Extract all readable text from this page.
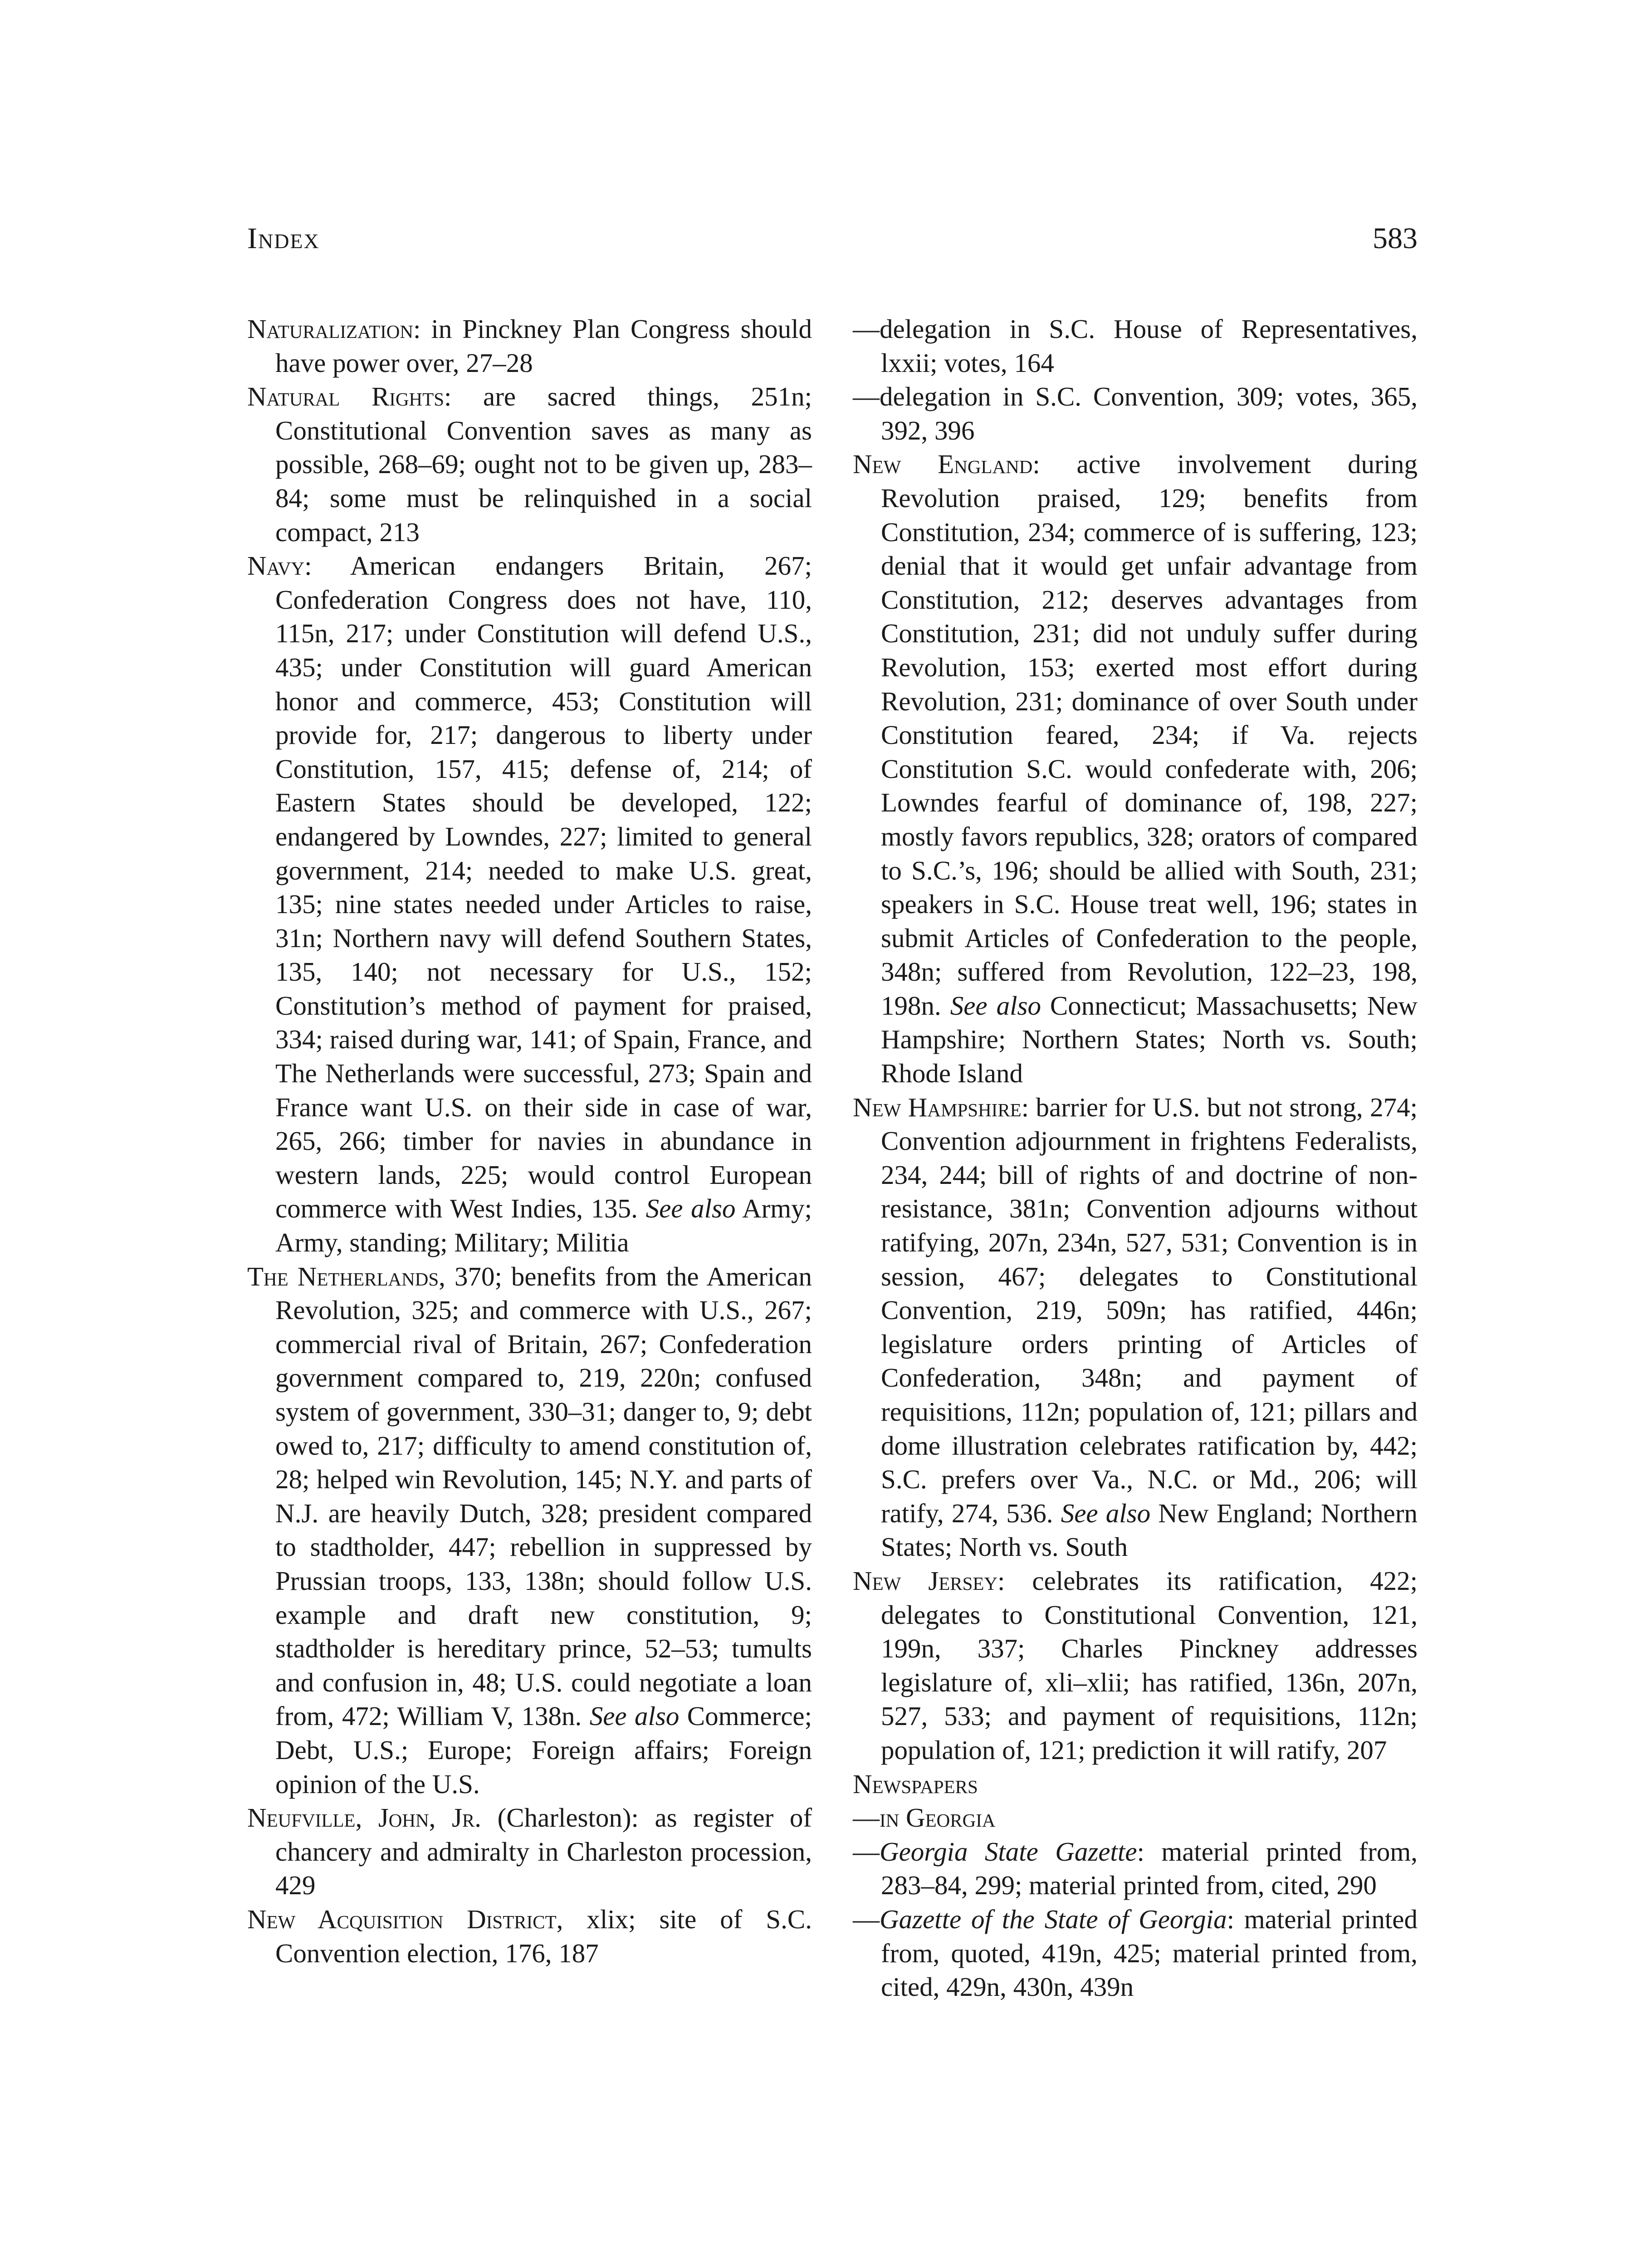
Index	583

Naturalization: in Pinckney Plan Congress should have power over, 27–28

Natural Rights: are sacred things, 251n; Constitutional Convention saves as many as possible, 268–69; ought not to be given up, 283–84; some must be relinquished in a social compact, 213

Navy: American endangers Britain, 267; Confederation Congress does not have, 110, 115n, 217; under Constitution will defend U.S., 435; under Constitution will guard American honor and commerce, 453; Constitution will provide for, 217; dangerous to liberty under Constitution, 157, 415; defense of, 214; of Eastern States should be developed, 122; endangered by Lowndes, 227; limited to general government, 214; needed to make U.S. great, 135; nine states needed under Articles to raise, 31n; Northern navy will defend Southern States, 135, 140; not necessary for U.S., 152; Constitution’s method of payment for praised, 334; raised during war, 141; of Spain, France, and The Netherlands were successful, 273; Spain and France want U.S. on their side in case of war, 265, 266; timber for navies in abundance in western lands, 225; would control European commerce with West Indies, 135. See also Army; Army, standing; Military; Militia

The Netherlands, 370; benefits from the American Revolution, 325; and commerce with U.S., 267; commercial rival of Britain, 267; Confederation government compared to, 219, 220n; confused system of government, 330–31; danger to, 9; debt owed to, 217; difficulty to amend constitution of, 28; helped win Revolution, 145; N.Y. and parts of N.J. are heavily Dutch, 328; president compared to stadtholder, 447; rebellion in suppressed by Prussian troops, 133, 138n; should follow U.S. example and draft new constitution, 9; stadtholder is hereditary prince, 52–53; tumults and confusion in, 48; U.S. could negotiate a loan from, 472; William V, 138n. See also Commerce; Debt, U.S.; Europe; Foreign affairs; Foreign opinion of the U.S.

Neufville, John, Jr. (Charleston): as register of chancery and admiralty in Charleston procession, 429

New Acquisition District, xlix; site of S.C. Convention election, 176, 187

—delegation in S.C. House of Representatives, lxxii; votes, 164

—delegation in S.C. Convention, 309; votes, 365, 392, 396

New England: active involvement during Revolution praised, 129; benefits from Constitution, 234; commerce of is suffering, 123; denial that it would get unfair advantage from Constitution, 212; deserves advantages from Constitution, 231; did not unduly suffer during Revolution, 153; exerted most effort during Revolution, 231; dominance of over South under Constitution feared, 234; if Va. rejects Constitution S.C. would confederate with, 206; Lowndes fearful of dominance of, 198, 227; mostly favors republics, 328; orators of compared to S.C.’s, 196; should be allied with South, 231; speakers in S.C. House treat well, 196; states in submit Articles of Confederation to the people, 348n; suffered from Revolution, 122–23, 198, 198n. See also Connecticut; Massachusetts; New Hampshire; Northern States; North vs. South; Rhode Island

New Hampshire: barrier for U.S. but not strong, 274; Convention adjournment in frightens Federalists, 234, 244; bill of rights of and doctrine of non-resistance, 381n; Convention adjourns without ratifying, 207n, 234n, 527, 531; Convention is in session, 467; delegates to Constitutional Convention, 219, 509n; has ratified, 446n; legislature orders printing of Articles of Confederation, 348n; and payment of requisitions, 112n; population of, 121; pillars and dome illustration celebrates ratification by, 442; S.C. prefers over Va., N.C. or Md., 206; will ratify, 274, 536. See also New England; Northern States; North vs. South

New Jersey: celebrates its ratification, 422; delegates to Constitutional Convention, 121, 199n, 337; Charles Pinckney addresses legislature of, xli–xlii; has ratified, 136n, 207n, 527, 533; and payment of requisitions, 112n; population of, 121; prediction it will ratify, 207

Newspapers

—in Georgia

—Georgia State Gazette: material printed from, 283–84, 299; material printed from, cited, 290

—Gazette of the State of Georgia: material printed from, quoted, 419n, 425; material printed from, cited, 429n, 430n, 439n
